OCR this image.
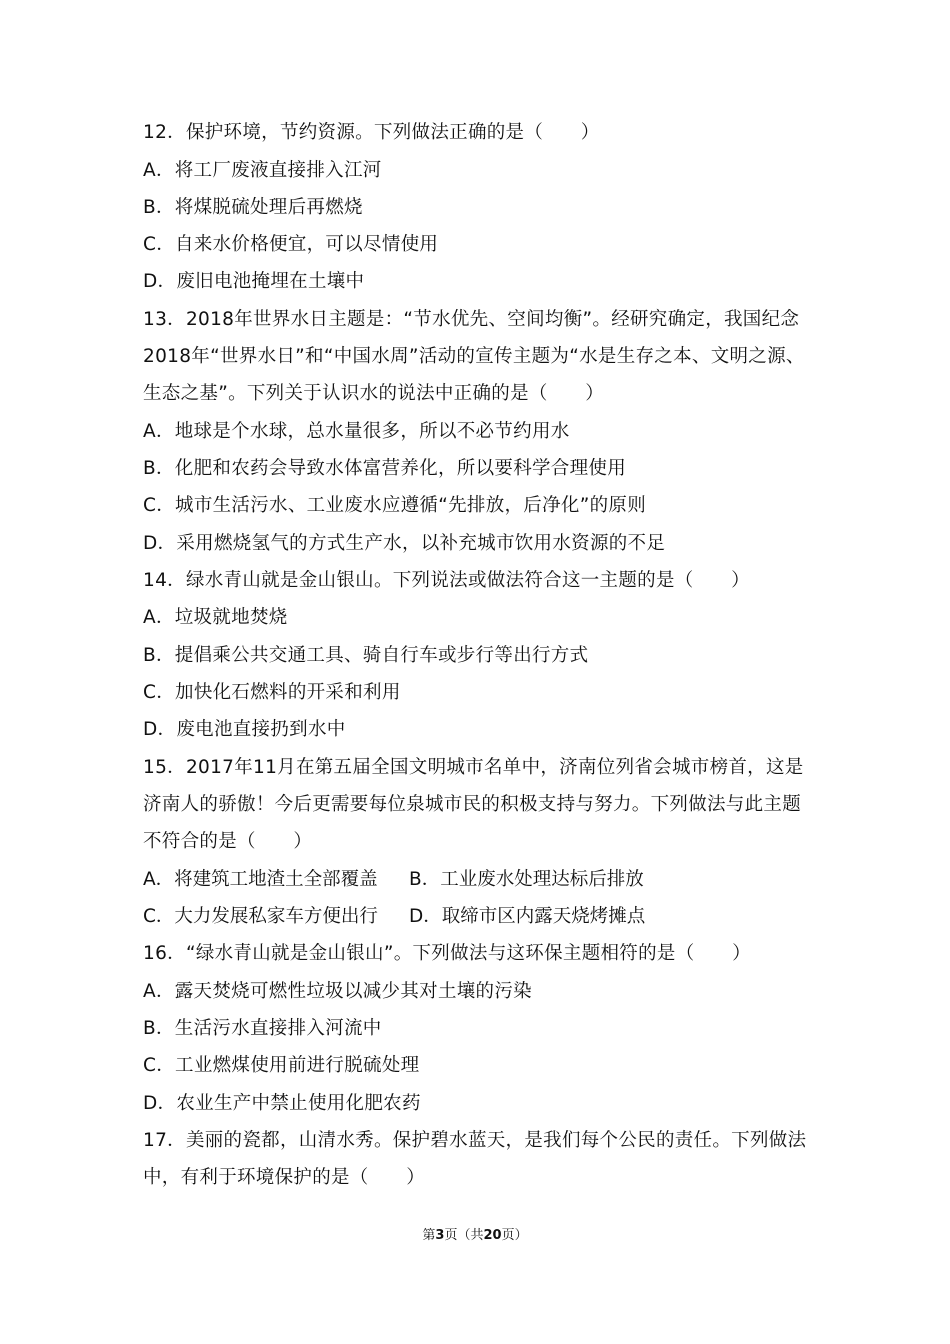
12．保护环境，节约资源。下列做法正确的是（　　）
A．将工厂废液直接排入江河
B．将煤脱硫处理后再燃烧
C．自来水价格便宜，可以尽情使用
D．废旧电池掩埋在土壤中
13．2018年世界水日主题是：“节水优先、空间均衡”。经研究确定，我国纪念
2018年“世界水日”和“中国水周”活动的宣传主题为“水是生存之本、文明之源、
生态之基”。下列关于认识水的说法中正确的是（　　）
A．地球是个水球，总水量很多，所以不必节约用水
B．化肥和农药会导致水体富营养化，所以要科学合理使用
C．城市生活污水、工业废水应遵循“先排放，后净化”的原则
D．采用燃烧氢气的方式生产水，以补充城市饮用水资源的不足
14．绿水青山就是金山银山。下列说法或做法符合这一主题的是（　　）
A．垃圾就地焚烧
B．提倡乘公共交通工具、骑自行车或步行等出行方式
C．加快化石燃料的开采和利用
D．废电池直接扔到水中
15．2017年11月在第五届全国文明城市名单中，济南位列省会城市榜首，这是
济南人的骄傲！今后更需要每位泉城市民的积极支持与努力。下列做法与此主题
不符合的是（　　）
A．将建筑工地渣土全部覆盖 B．工业废水处理达标后排放
C．大力发展私家车方便出行 D．取缔市区内露天烧烤摊点
16．“绿水青山就是金山银山”。下列做法与这环保主题相符的是（　　）
A．露天焚烧可燃性垃圾以减少其对土壤的污染
B．生活污水直接排入河流中
C．工业燃煤使用前进行脱硫处理
D．农业生产中禁止使用化肥农药
17．美丽的瓷都，山清水秀。保护碧水蓝天，是我们每个公民的责任。下列做法
中，有利于环境保护的是（　　）
第3页（共20页）
